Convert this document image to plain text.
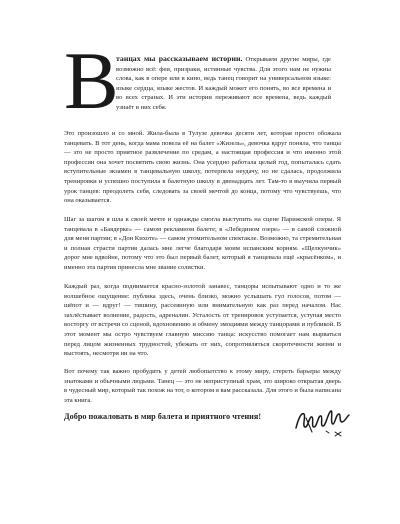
В

танцах мы рассказываем истории. Открываем другие миры, где возможно всё: феи, призраки, истинные чувства. Для этого нам не нужны слова, как в опере или в кино, ведь танец говорит на универсальном языке: языке сердца, языке жестов. И каждый может его понять, во все времена и во всех странах. И эти истории переживают все времена, ведь каждый узнаёт в них себя.

Это произошло и со мной. Жила-была в Тулузе девочка десяти лет, которая просто обожала танцевать. В тот день, когда мама повела её на балет «Жизель», девочка вдруг поняла, что танцы — это не просто приятное развлечение по средам, а настоящая профессия и что именно этой профессии она хочет посвятить свою жизнь. Она усердно работала целый год, попыталась сдать вступительные экзамен в танцевальную школу, потерпела неудачу, но не сдалась, продолжила тренировки и успешно поступила в балетную школу в двенадцать лет. Там-то я выучила первый урок танцев: преодолеть себя, следовать за своей мечтой до конца, потому что чувствуешь, что она оказывается.

Шаг за шагом я шла к своей мечте и однажды смогла выступить на сцене Парижской оперы. Я танцевала в «Баядерке» — самом рекламном балете; в «Лебедином озере» — в самой сложной для меня партии; в «Дон Кихоте» — самом утомительном спектакле. Возможно, та стремительная и полная страсти партия далась мне легче благодаря моим испанским корням. «Щелкунчик» дорог мне вдвойне, потому что это был первый балет, который я танцевала ещё «крысёнком», и именно эта партия принесла мне звание солистки.

Каждый раз, когда поднимается красно-золотой занавес, танцоры испытывают одно и то же волшебное ощущение: публика здесь, очень близко, можно услышать гул голосов, потом — шёпот и — вдруг! — тишину, рассеянную или внимательную как раз перед началом. Нас захлёстывает волнение, радость, адреналин. Усталость от тренировок уступается, уступая место восторгу от встречи со сценой, вдохновению и обмену эмоциями между танцорами и публикой. В этот момент мы остро чувствуем главную миссию танца: искусство помогает нам вырваться перед лицом жизненных трудностей, убежать от них, сопротивляться скоротечности жизни и выстоять, несмотря ни на что.

Вот почему так важно пробудить у детей любопытство к этому миру, стереть барьеры между знатоками и обычными людьми. Танец — это не неприступный храм, это широко открытая дверь в чудесный мир, который так похож на тот, о котором я вам рассказала. Для этого и была написана эта книга.

Добро пожаловать в мир балета и приятного чтения!
